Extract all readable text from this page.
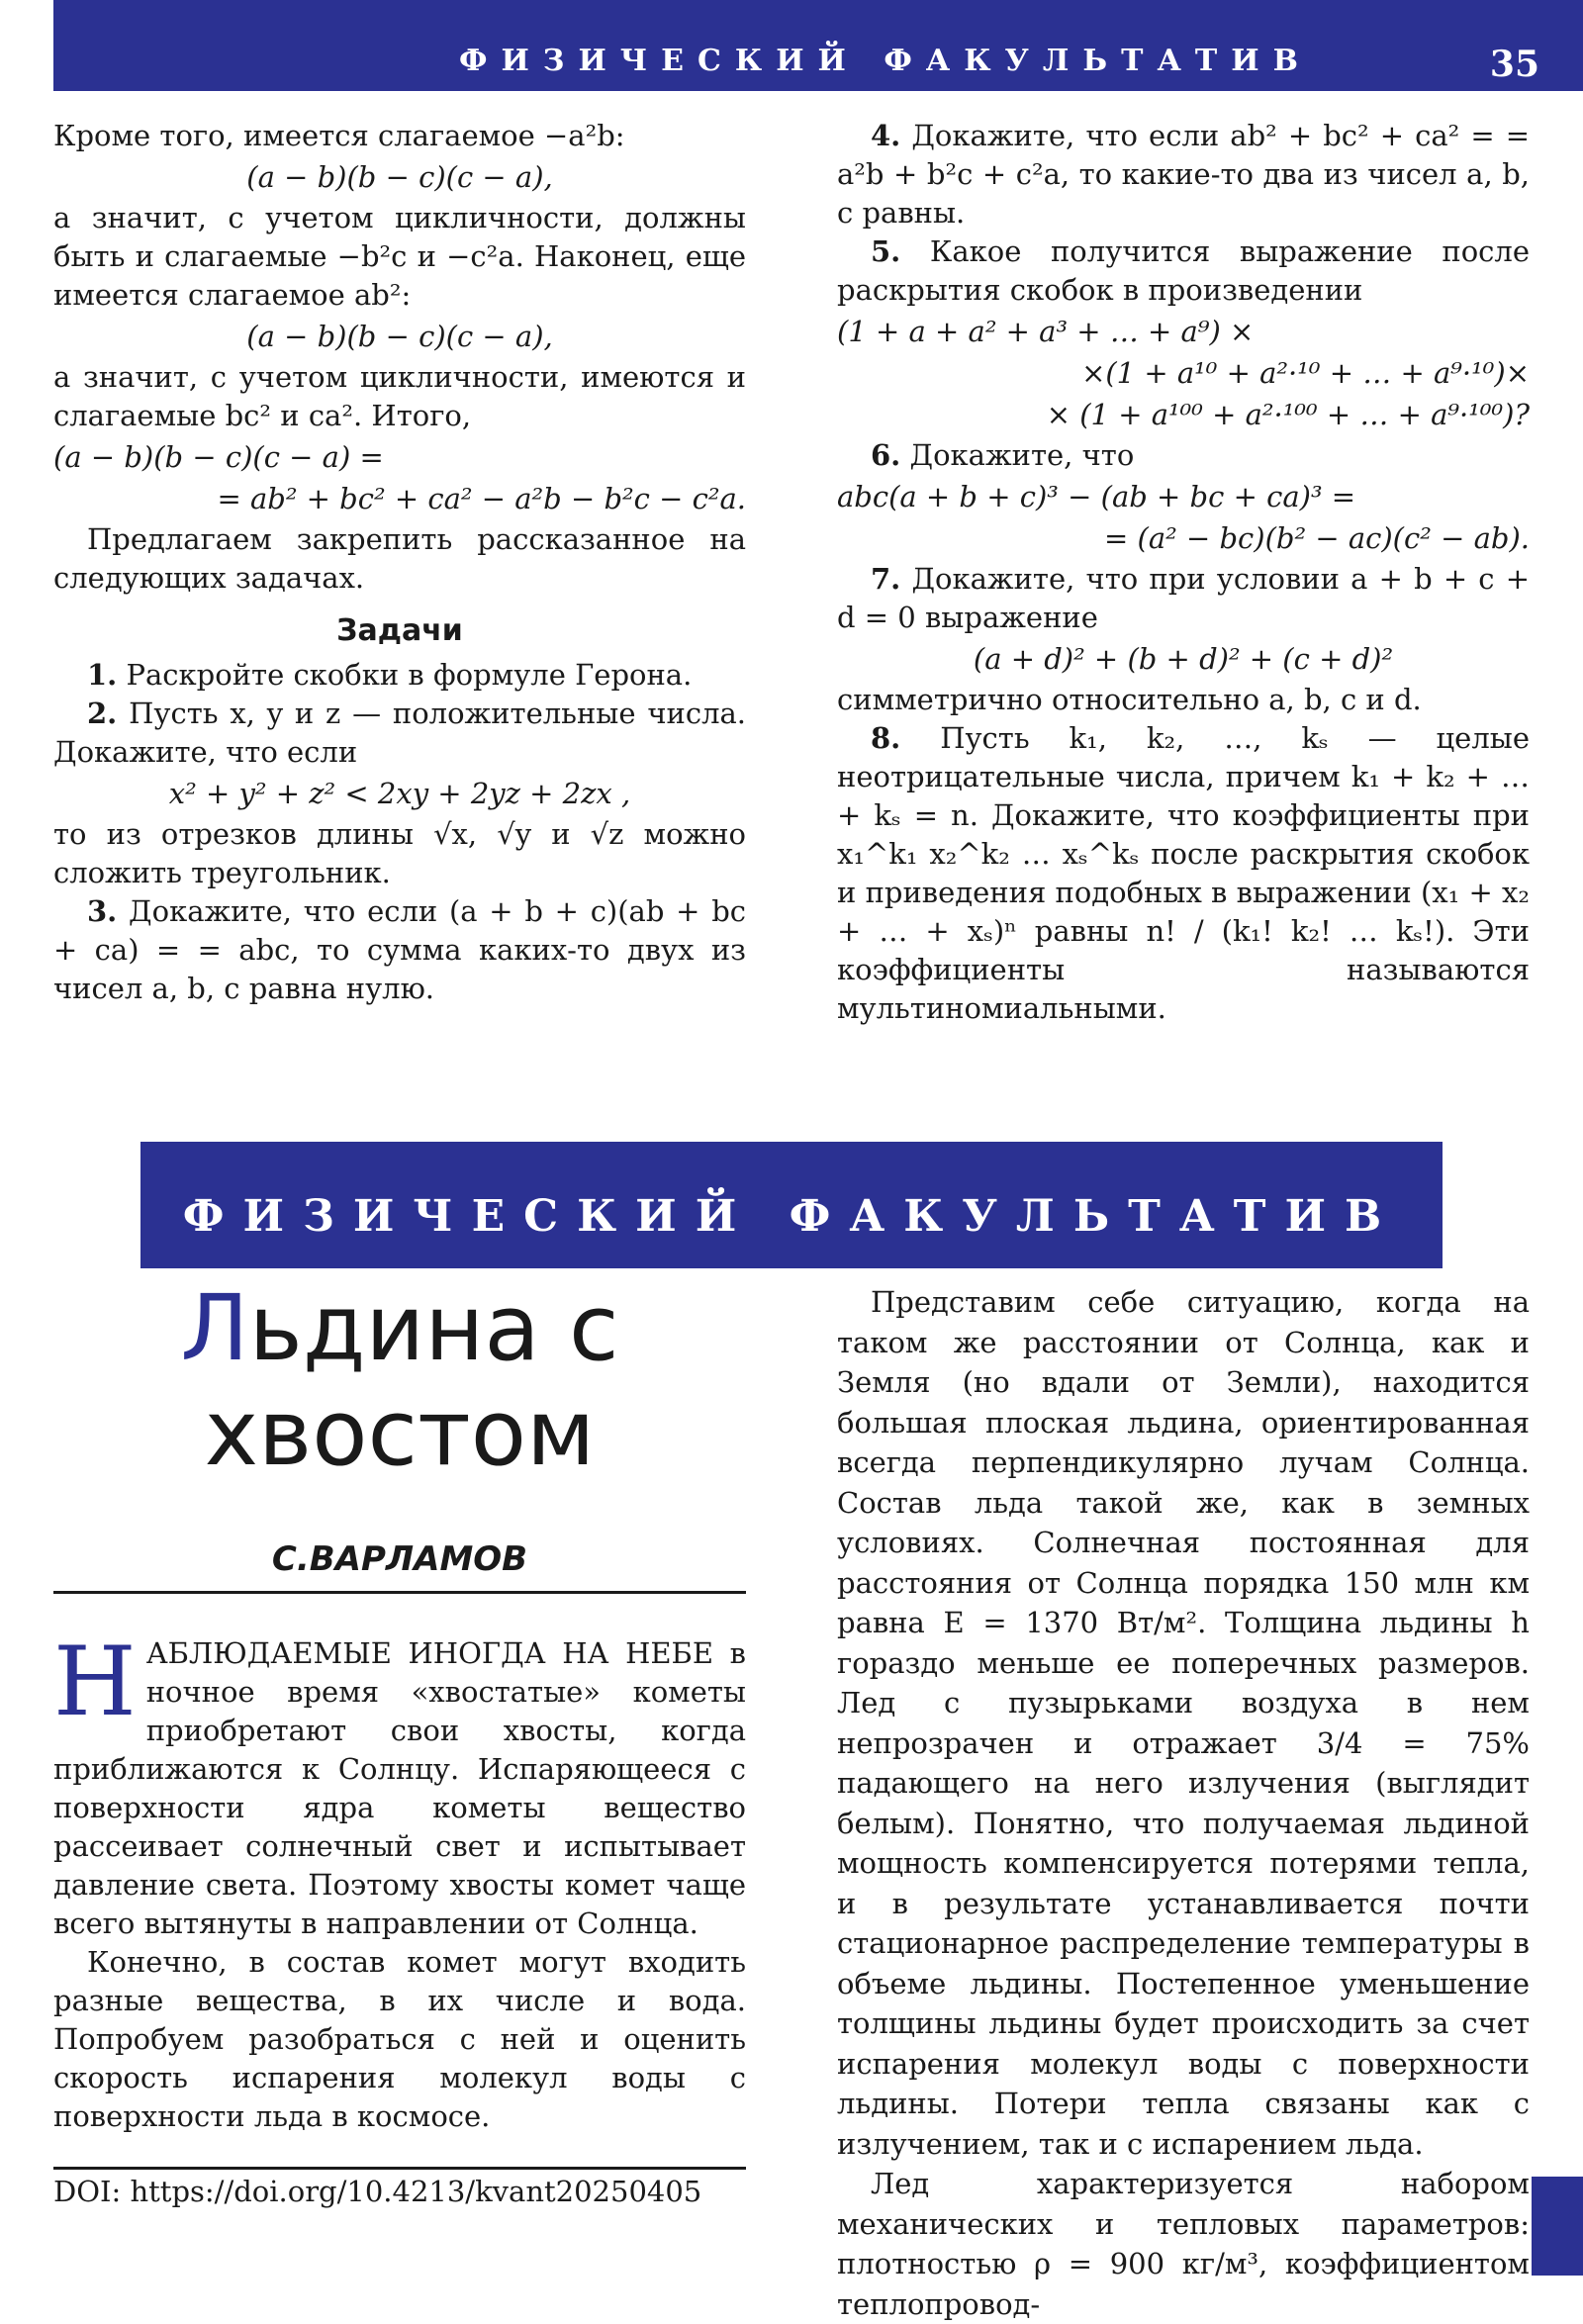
ФИЗИЧЕСКИЙ ФАКУЛЬТАТИВ	35

Кроме того, имеется слагаемое −a²b:

(a − b)(b − c)(c − a),

а значит, с учетом цикличности, должны быть и слагаемые −b²c и −c²a. Наконец, еще имеется слагаемое ab²:

(a − b)(b − c)(c − a),

а значит, с учетом цикличности, имеются и слагаемые bc² и ca². Итого,

(a − b)(b − c)(c − a) =
= ab² + bc² + ca² − a²b − b²c − c²a.

Предлагаем закрепить рассказанное на следующих задачах.

Задачи

1. Раскройте скобки в формуле Герона.

2. Пусть x, y и z — положительные числа. Докажите, что если

x² + y² + z² < 2xy + 2yz + 2zx ,

то из отрезков длины √x, √y и √z можно сложить треугольник.

3. Докажите, что если (a + b + c)(ab + bc + ca) = = abc, то сумма каких-то двух из чисел a, b, c равна нулю.

4. Докажите, что если ab² + bc² + ca² = = a²b + b²c + c²a, то какие-то два из чисел a, b, c равны.

5. Какое получится выражение после раскрытия скобок в произведении

(1 + a + a² + a³ + … + a⁹) ×
×(1 + a¹⁰ + a²·¹⁰ + … + a⁹·¹⁰)×
× (1 + a¹⁰⁰ + a²·¹⁰⁰ + … + a⁹·¹⁰⁰)?

6. Докажите, что

abc(a + b + c)³ − (ab + bc + ca)³ =
= (a² − bc)(b² − ac)(c² − ab).

7. Докажите, что при условии a + b + c + d = 0 выражение

(a + d)² + (b + d)² + (c + d)²

симметрично относительно a, b, c и d.

8. Пусть k₁, k₂, …, kₛ — целые неотрицательные числа, причем k₁ + k₂ + … + kₛ = n. Докажите, что коэффициенты при x₁^k₁ x₂^k₂ … xₛ^kₛ после раскрытия скобок и приведения подобных в выражении (x₁ + x₂ + … + xₛ)ⁿ равны n! / (k₁! k₂! … kₛ!). Эти коэффициенты называются мультиномиальными.

ФИЗИЧЕСКИЙ ФАКУЛЬТАТИВ
Льдина с
хвостом
С.ВАРЛАМОВ

НАБЛЮДАЕМЫЕ ИНОГДА НА НЕБЕ в ночное время «хвостатые» кометы приобретают свои хвосты, когда приближаются к Солнцу. Испаряющееся с поверхности ядра кометы вещество рассеивает солнечный свет и испытывает давление света. Поэтому хвосты комет чаще всего вытянуты в направлении от Солнца.

Конечно, в состав комет могут входить разные вещества, в их числе и вода. Попробуем разобраться с ней и оценить скорость испарения молекул воды с поверхности льда в космосе.

DOI: https://doi.org/10.4213/kvant20250405

Представим себе ситуацию, когда на таком же расстоянии от Солнца, как и Земля (но вдали от Земли), находится большая плоская льдина, ориентированная всегда перпендикулярно лучам Солнца. Состав льда такой же, как в земных условиях. Солнечная постоянная для расстояния от Солнца порядка 150 млн км равна E = 1370 Вт/м². Толщина льдины h гораздо меньше ее поперечных размеров. Лед с пузырьками воздуха в нем непрозрачен и отражает 3/4 = 75% падающего на него излучения (выглядит белым). Понятно, что получаемая льдиной мощность компенсируется потерями тепла, и в результате устанавливается почти стационарное распределение температуры в объеме льдины. Постепенное уменьшение толщины льдины будет происходить за счет испарения молекул воды с поверхности льдины. Потери тепла связаны как с излучением, так и с испарением льда.

Лед характеризуется набором механических и тепловых параметров: плотностью ρ = 900 кг/м³, коэффициентом теплопровод-
